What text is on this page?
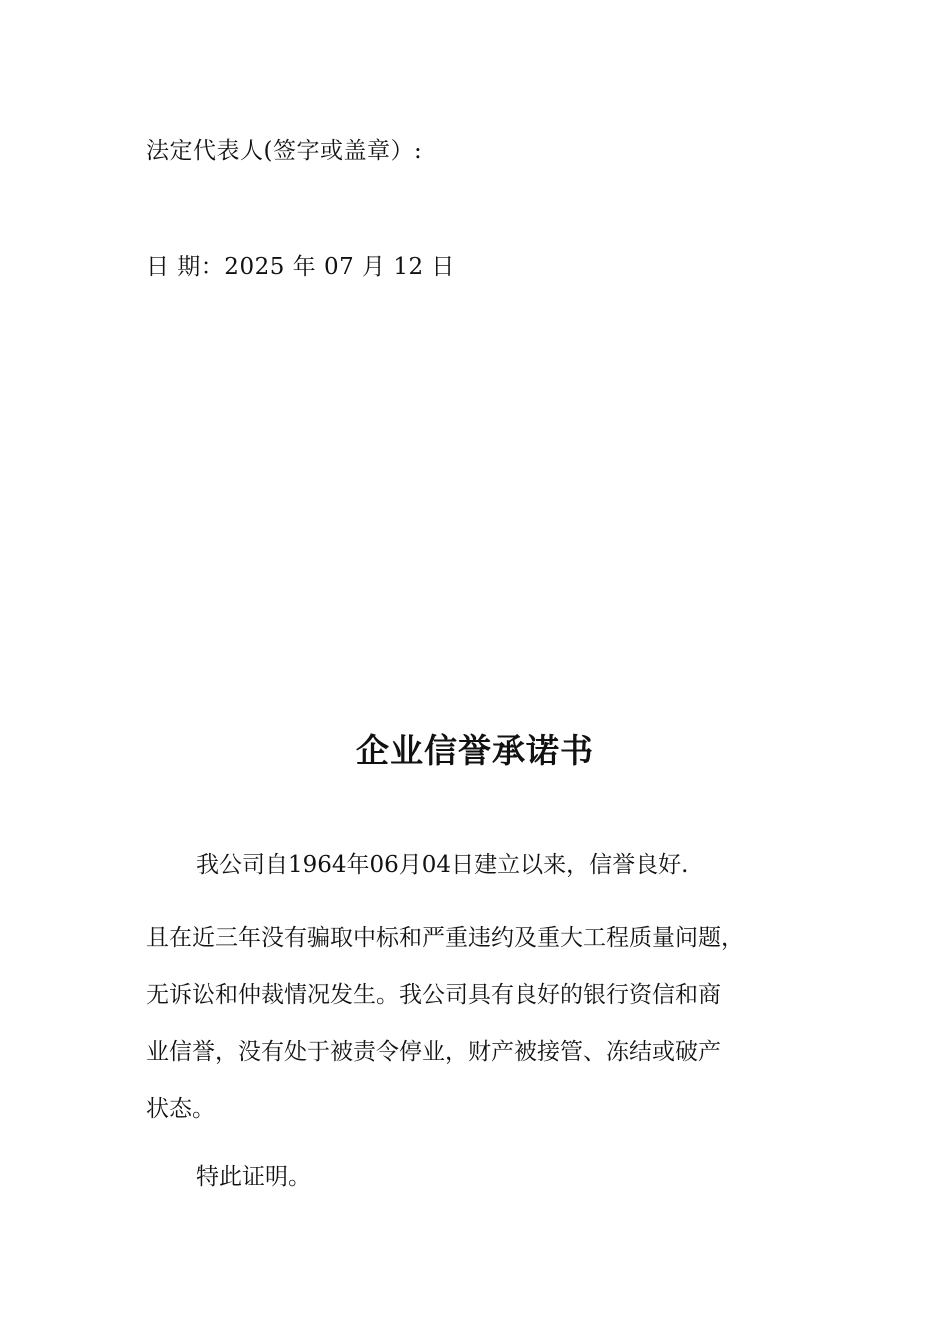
法定代表人(签字或盖章）:
日 期：2025 年 07 月 12 日
企业信誉承诺书
我公司自1964年06月04日建立以来，信誉良好.
且在近三年没有骗取中标和严重违约及重大工程质量问题，
无诉讼和仲裁情况发生。我公司具有良好的银行资信和商
业信誉，没有处于被责令停业，财产被接管、冻结或破产
状态。
特此证明。
